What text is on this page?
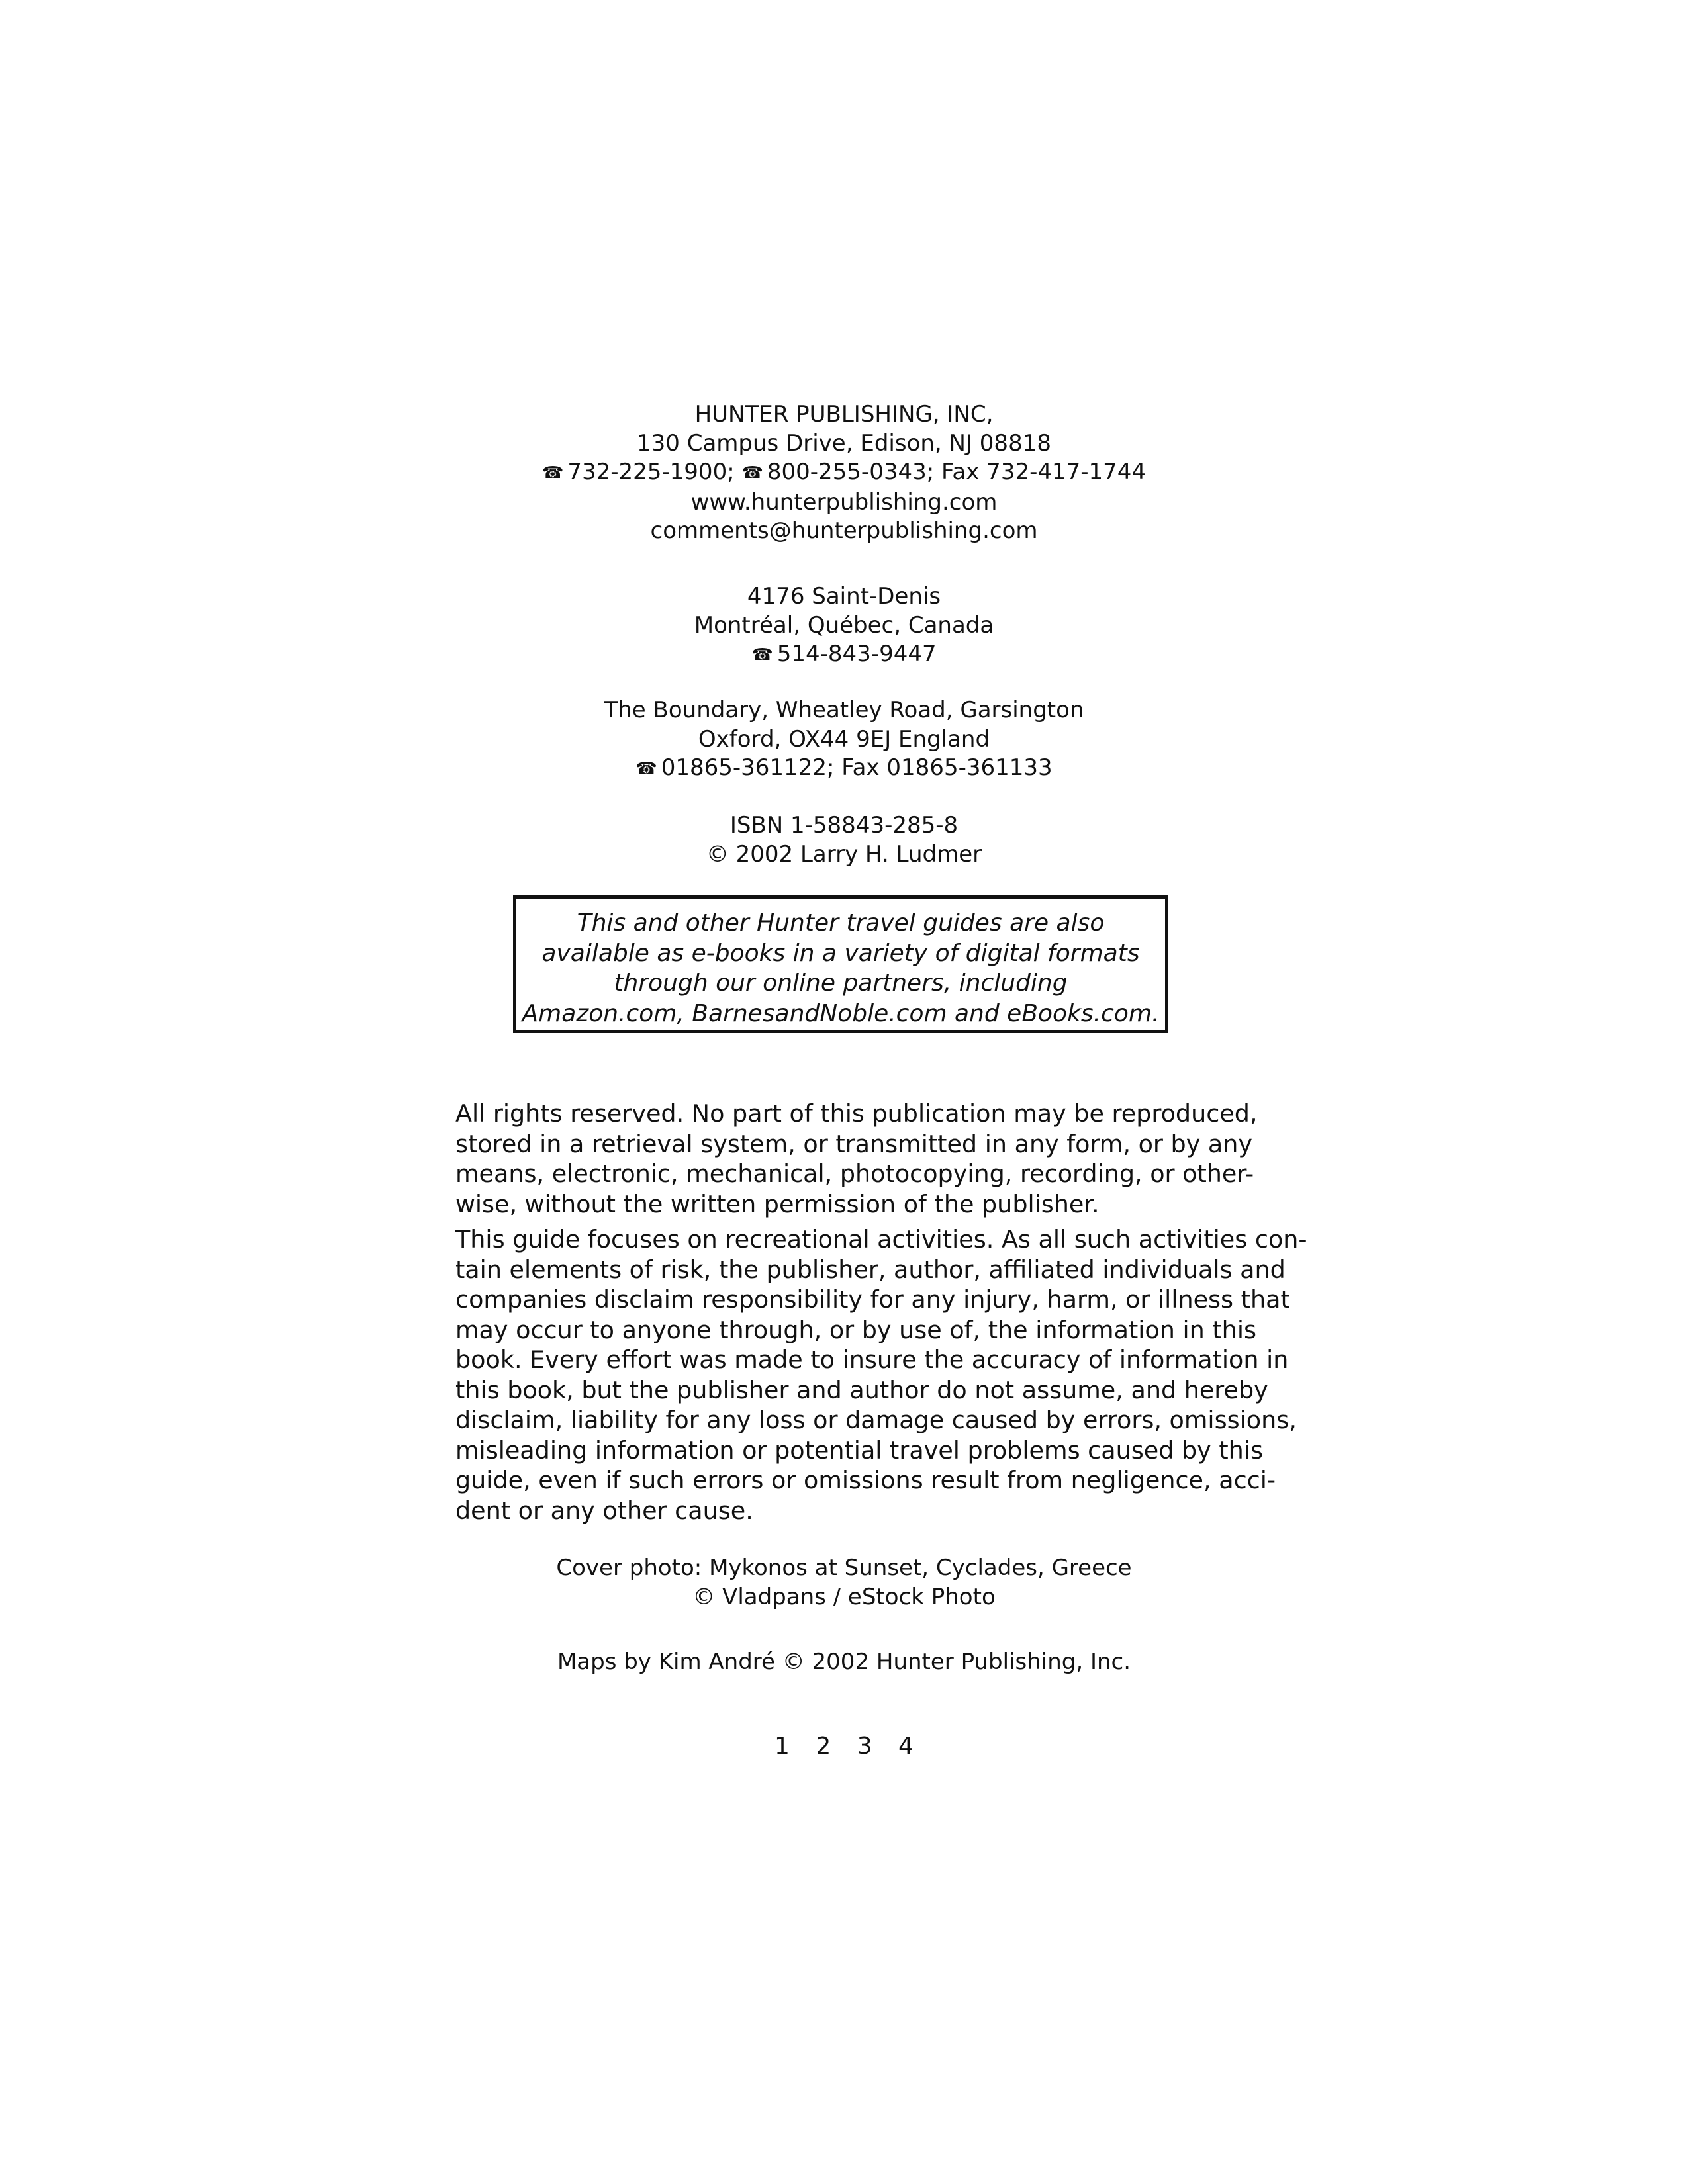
HUNTER PUBLISHING, INC,
130 Campus Drive, Edison, NJ 08818
☎ 732-225-1900; ☎ 800-255-0343; Fax 732-417-1744
www.hunterpublishing.com
comments@hunterpublishing.com
4176 Saint-Denis
Montréal, Québec, Canada
☎ 514-843-9447
The Boundary, Wheatley Road, Garsington
Oxford, OX44 9EJ England
☎ 01865-361122; Fax 01865-361133
ISBN 1-58843-285-8
© 2002 Larry H. Ludmer
This and other Hunter travel guides are also
available as e-books in a variety of digital formats
through our online partners, including
Amazon.com, BarnesandNoble.com and eBooks.com.
All rights reserved. No part of this publication may be reproduced,
stored in a retrieval system, or transmitted in any form, or by any
means, electronic, mechanical, photocopying, recording, or other-
wise, without the written permission of the publisher.
This guide focuses on recreational activities. As all such activities con-
tain elements of risk, the publisher, author, affiliated individuals and
companies disclaim responsibility for any injury, harm, or illness that
may occur to anyone through, or by use of, the information in this
book. Every effort was made to insure the accuracy of information in
this book, but the publisher and author do not assume, and hereby
disclaim, liability for any loss or damage caused by errors, omissions,
misleading information or potential travel problems caused by this
guide, even if such errors or omissions result from negligence, acci-
dent or any other cause.
Cover photo: Mykonos at Sunset, Cyclades, Greece
© Vladpans / eStock Photo
Maps by Kim André © 2002 Hunter Publishing, Inc.
1 2 3 4
